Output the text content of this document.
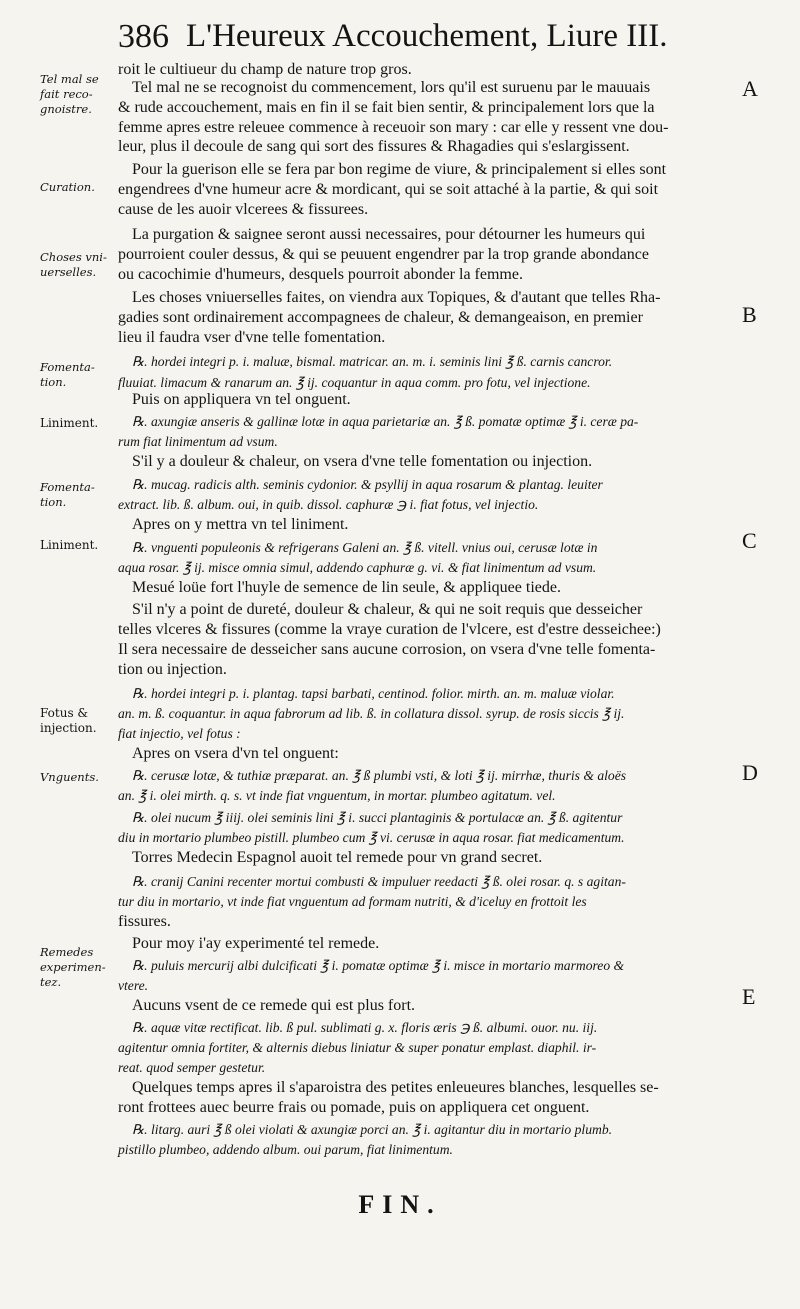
386 L'Heureux Accouchement, Liure III.
Tel mal se fait reco-gnoistre.
Curation.
Choses vni-uerselles.
Fomenta-tion.
Liniment.
Fomenta-tion.
Liniment.
Fotus & injection.
Vnguents.
Remedes experimen-tez.
roit le cultiueur du champ de nature trop gros.
Tel mal ne se recognoist du commencement, lors qu'il est suruenu par le mauuais
& rude accouchement, mais en fin il se fait bien sentir, & principalement lors que la
femme apres estre releuee commence à receuoir son mary : car elle y ressent vne dou-
leur, plus il decoule de sang qui sort des fissures & Rhagadies qui s'eslargissent.
Pour la guerison elle se fera par bon regime de viure, & principalement si elles sont
engendrees d'vne humeur acre & mordicant, qui se soit attaché à la partie, & qui soit
cause de les auoir vlcerees & fissurees.
La purgation & saignee seront aussi necessaires, pour détourner les humeurs qui
pourroient couler dessus, & qui se peuuent engendrer par la trop grande abondance
ou cacochimie d'humeurs, desquels pourroit abonder la femme.
Les choses vniuerselles faites, on viendra aux Topiques, & d'autant que telles Rha-
gadies sont ordinairement accompagnees de chaleur, & demangeaison, en premier
lieu il faudra vser d'vne telle fomentation.
℞. hordei integri p. i. maluæ, bismal. matricar. an. m. i. seminis lini ℥ ß. carnis cancror.
fluuiat. limacum & ranarum an. ℥ ij. coquantur in aqua comm. pro fotu, vel injectione.
Puis on appliquera vn tel onguent.
℞. axungiæ anseris & gallinæ lotæ in aqua parietariæ an. ℥ ß. pomatæ optimæ ℥ i. ceræ pa-
rum fiat linimentum ad vsum.
S'il y a douleur & chaleur, on vsera d'vne telle fomentation ou injection.
℞. mucag. radicis alth. seminis cydonior. & psyllij in aqua rosarum & plantag. leuiter
extract. lib. ß. album. oui, in quib. dissol. caphuræ ℈ i. fiat fotus, vel injectio.
Apres on y mettra vn tel liniment.
℞. vnguenti populeonis & refrigerans Galeni an. ℥ ß. vitell. vnius oui, cerusæ lotæ in
aqua rosar. ℥ ij. misce omnia simul, addendo caphuræ g. vi. & fiat linimentum ad vsum.
Mesué loüe fort l'huyle de semence de lin seule, & appliquee tiede.
S'il n'y a point de dureté, douleur & chaleur, & qui ne soit requis que desseicher
telles vlceres & fissures (comme la vraye curation de l'vlcere, est d'estre desseichee:)
Il sera necessaire de desseicher sans aucune corrosion, on vsera d'vne telle fomenta-
tion ou injection.
℞. hordei integri p. i. plantag. tapsi barbati, centinod. folior. mirth. an. m. maluæ violar.
an. m. ß. coquantur. in aqua fabrorum ad lib. ß. in collatura dissol. syrup. de rosis siccis ℥ ij.
fiat injectio, vel fotus :
Apres on vsera d'vn tel onguent:
℞. cerusæ lotæ, & tuthiæ præparat. an. ℥ ß plumbi vsti, & loti ℥ ij. mirrhæ, thuris & aloës
an. ℥ i. olei mirth. q. s. vt inde fiat vnguentum, in mortar. plumbeo agitatum. vel.
℞. olei nucum ℥ iiij. olei seminis lini ℥ i. succi plantaginis & portulacæ an. ℥ ß. agitentur
diu in mortario plumbeo pistill. plumbeo cum ℥ vi. cerusæ in aqua rosar. fiat medicamentum.
Torres Medecin Espagnol auoit tel remede pour vn grand secret.
℞. cranij Canini recenter mortui combusti & impuluer reedacti ℥ ß. olei rosar. q. s agitan-
tur diu in mortario, vt inde fiat vnguentum ad formam nutriti, & d'iceluy en frottoit les
fissures.
Pour moy i'ay experimenté tel remede.
℞. puluis mercurij albi dulcificati ℥ i. pomatæ optimæ ℥ i. misce in mortario marmoreo &
vtere.
Aucuns vsent de ce remede qui est plus fort.
℞. aquæ vitæ rectificat. lib. ß pul. sublimati g. x. floris æris ℈ ß. albumi. ouor. nu. iij.
agitentur omnia fortiter, & alternis diebus liniatur & super ponatur emplast. diaphil. ir-
reat. quod semper gestetur.
Quelques temps apres il s'aparoistra des petites enleueures blanches, lesquelles se-
ront frottees auec beurre frais ou pomade, puis on appliquera cet onguent.
℞. litarg. auri ℥ ß olei violati & axungiæ porci an. ℥ i. agitantur diu in mortario plumb.
pistillo plumbeo, addendo album. oui parum, fiat linimentum.
A
B
C
D
E
FIN.
